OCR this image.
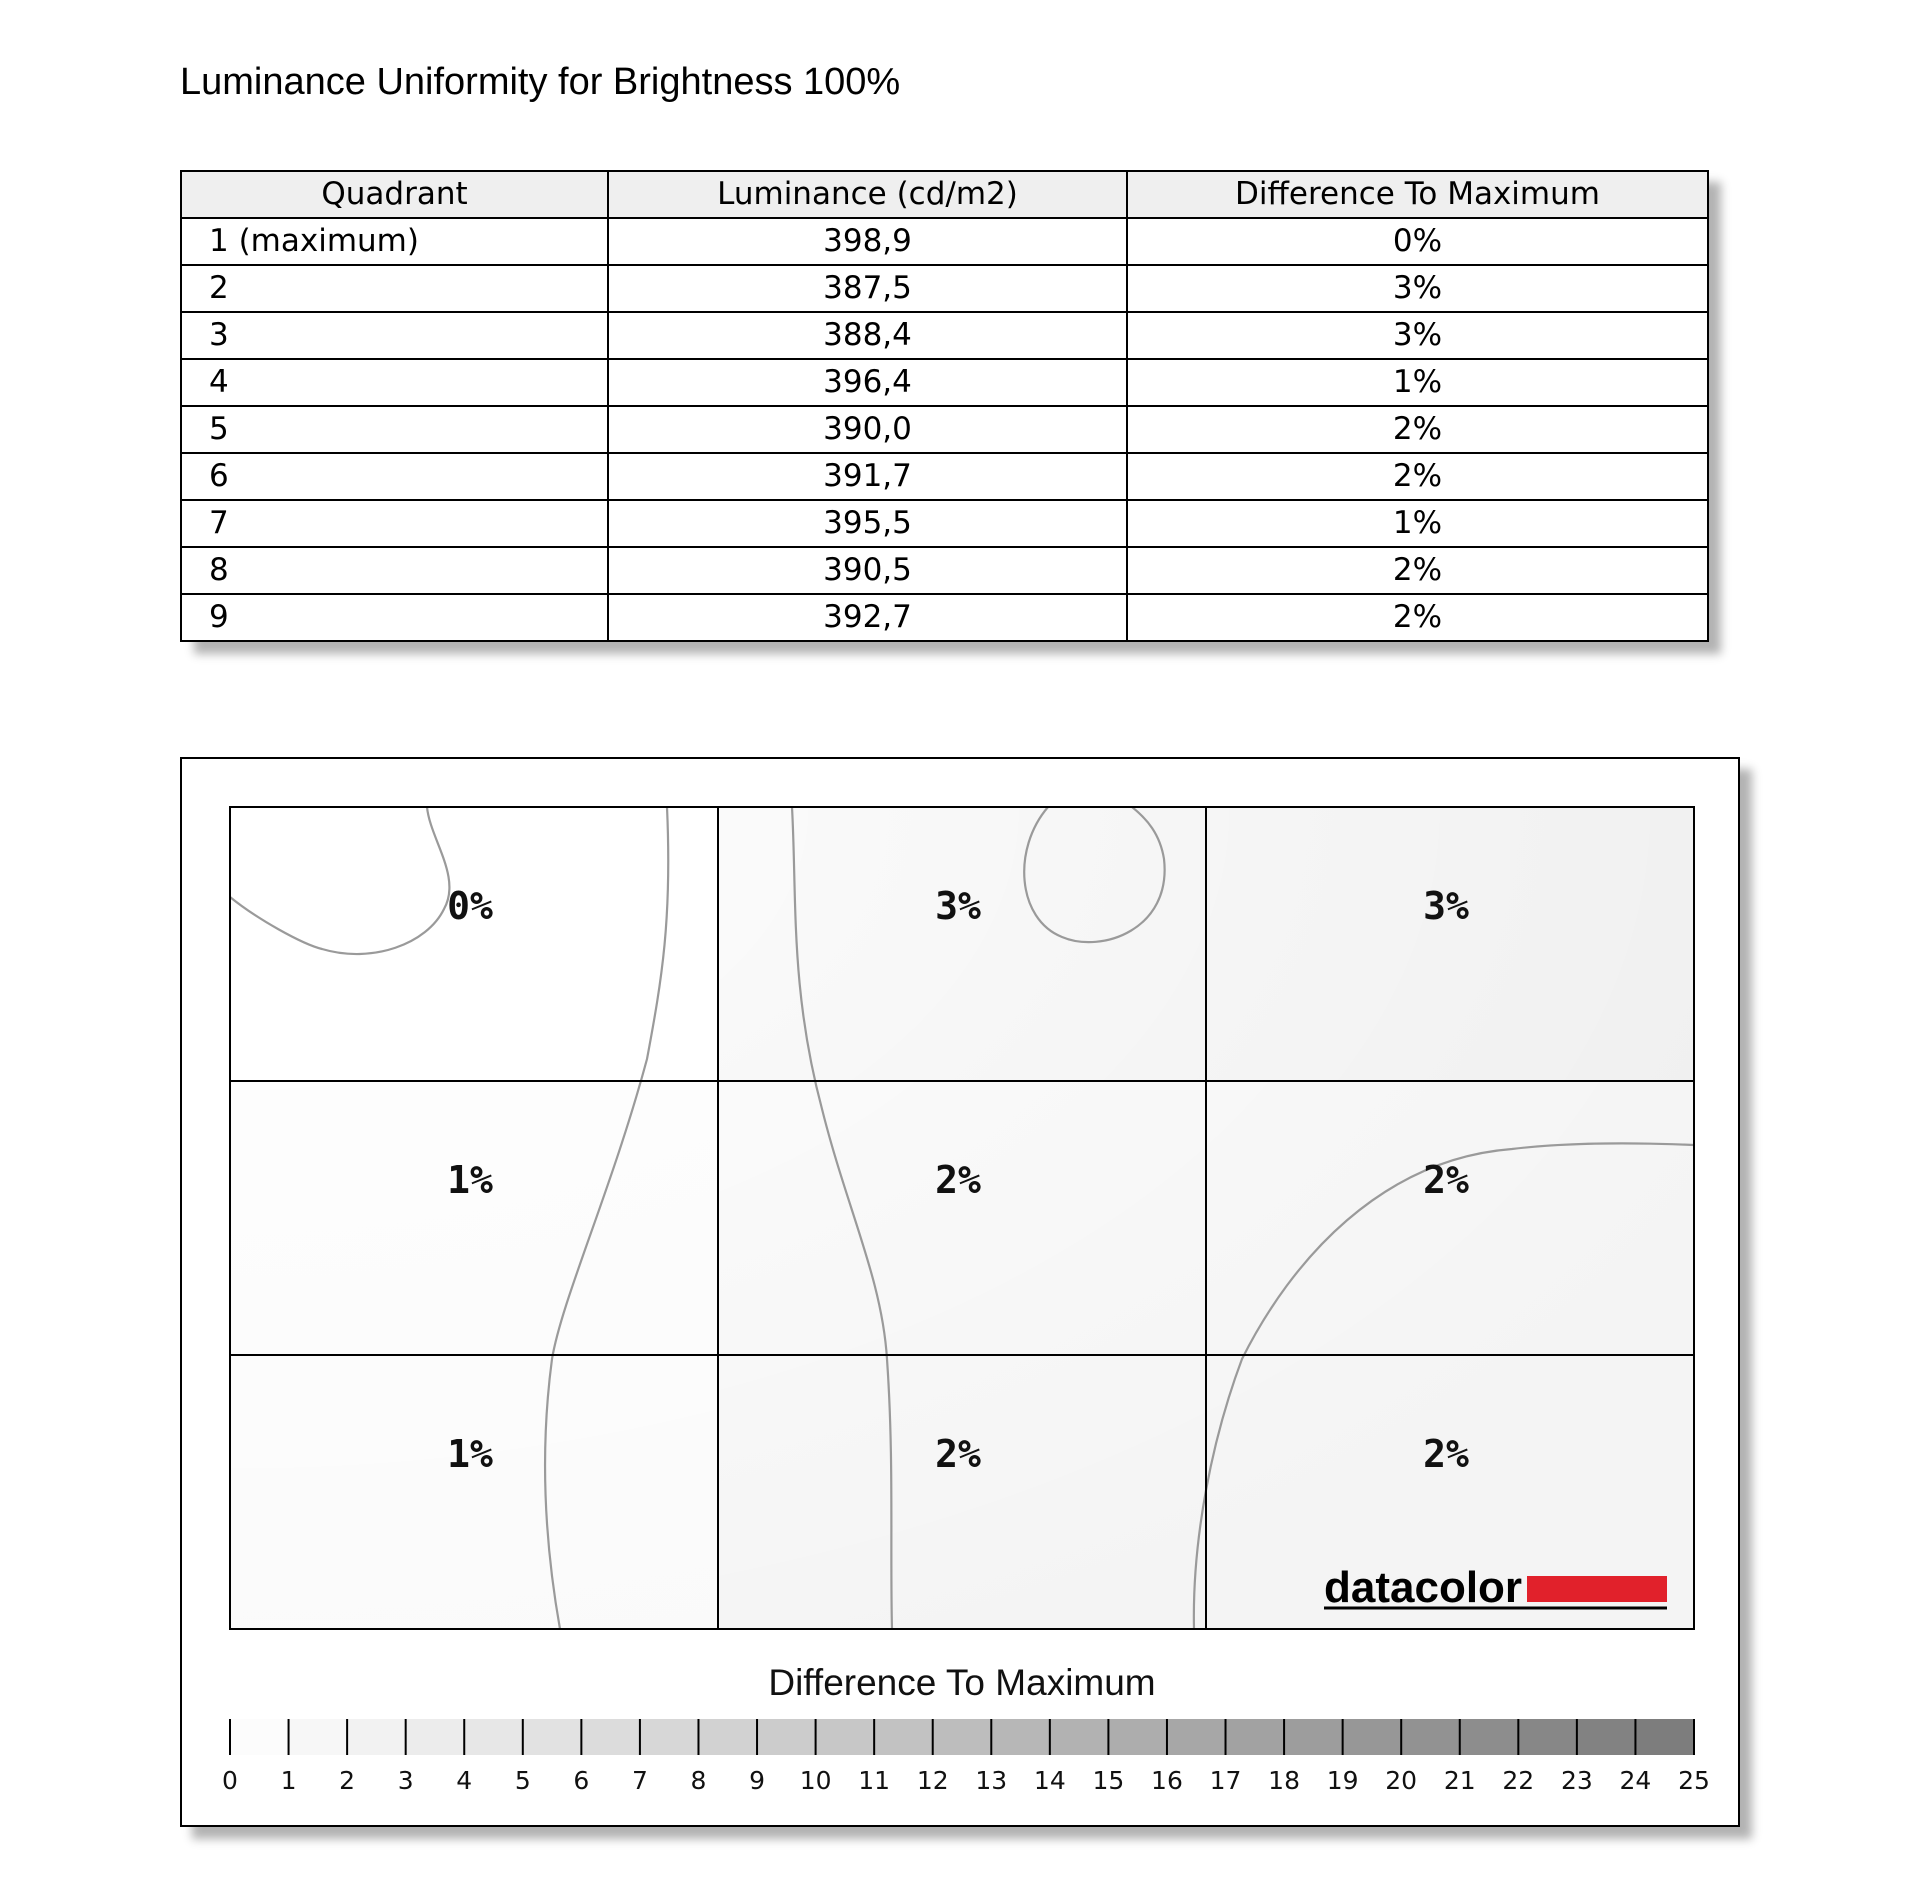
Luminance Uniformity for Brightness 100%
Quadrant	Luminance (cd/m2)	Difference To Maximum
1 (maximum)	398,9	0%
2	387,5	3%
3	388,4	3%
4	396,4	1%
5	390,0	2%
6	391,7	2%
7	395,5	1%
8	390,5	2%
9	392,7	2%
0%	3%	3%
1%	2%	2%
1%	2%	2%
datacolor
Difference To Maximum
0 1 2 3 4 5 6 7 8 9 10 11 12 13 14 15 16 17 18 19 20 21 22 23 24 25
